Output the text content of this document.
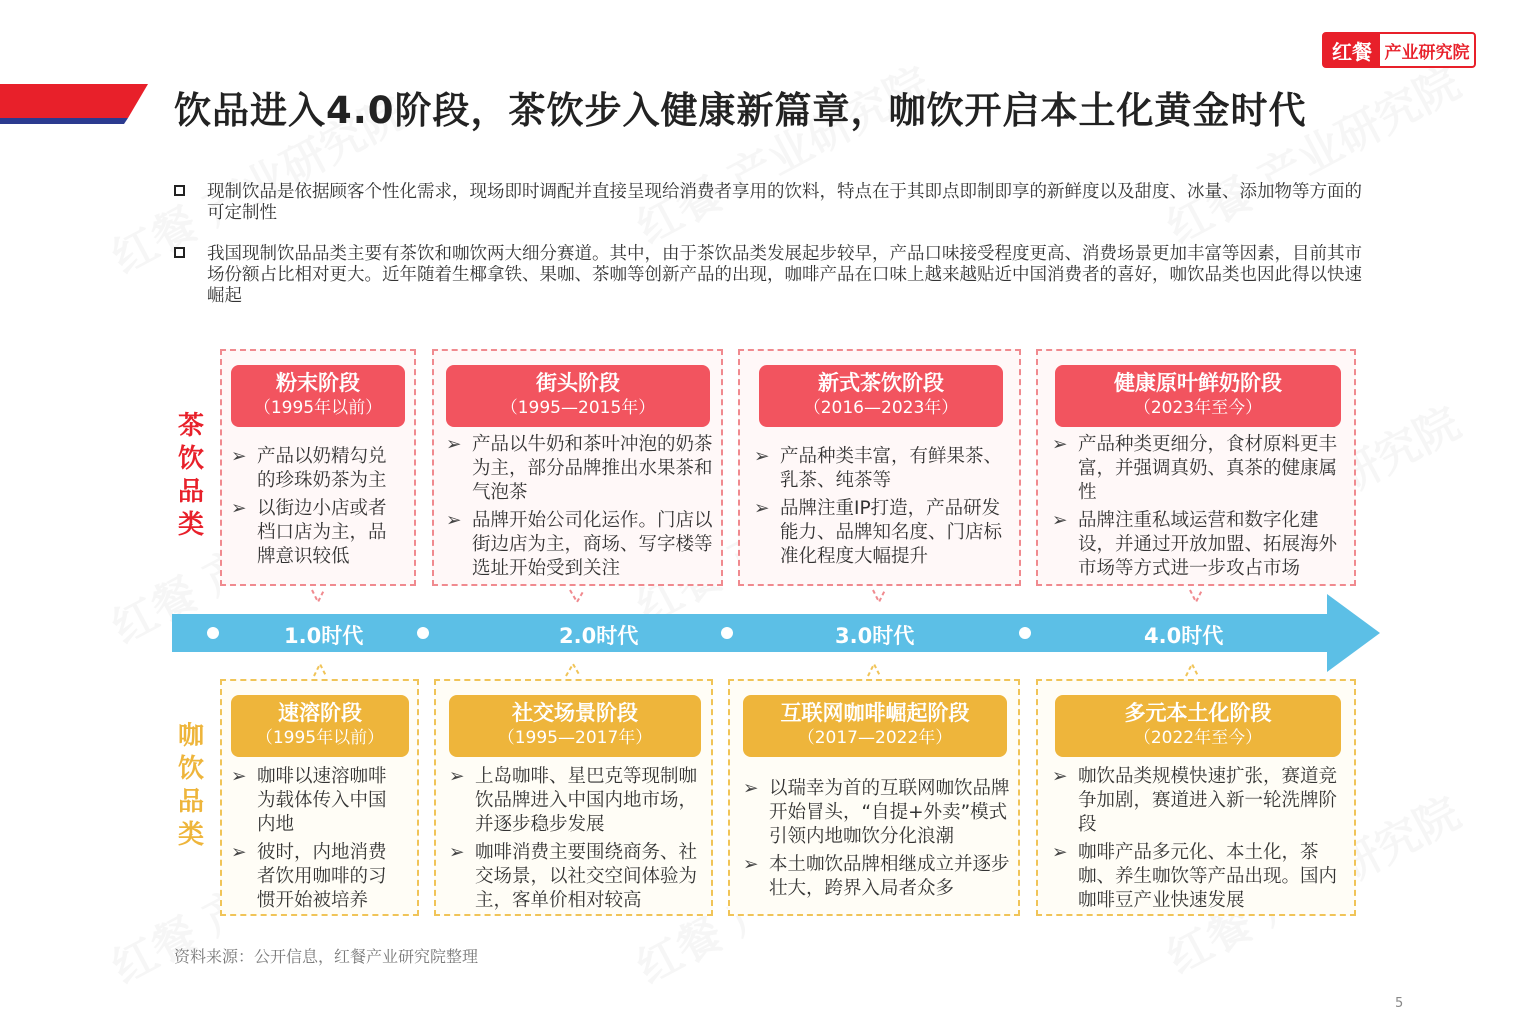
红餐 产业研究院
饮品进入4.0阶段，茶饮步入健康新篇章，咖饮开启本土化黄金时代
现制饮品是依据顾客个性化需求，现场即时调配并直接呈现给消费者享用的饮料，特点在于其即点即制即享的新鲜度以及甜度、冰量、添加物等方面的可定制性
我国现制饮品品类主要有茶饮和咖饮两大细分赛道。其中，由于茶饮品类发展起步较早，产品口味接受程度更高、消费场景更加丰富等因素，目前其市场份额占比相对更大。近年随着生椰拿铁、果咖、茶咖等创新产品的出现，咖啡产品在口味上越来越贴近中国消费者的喜好，咖饮品类也因此得以快速崛起
茶
饮
品
类
咖
饮
品
类
粉末阶段
（1995年以前）
➢ 产品以奶精勾兑的珍珠奶茶为主
➢ 以街边小店或者档口店为主，品牌意识较低
街头阶段
（1995—2015年）
➢ 产品以牛奶和茶叶冲泡的奶茶为主，部分品牌推出水果茶和气泡茶
➢ 品牌开始公司化运作。门店以街边店为主，商场、写字楼等选址开始受到关注
新式茶饮阶段
（2016—2023年）
➢ 产品种类丰富，有鲜果茶、乳茶、纯茶等
➢ 品牌注重IP打造，产品研发能力、品牌知名度、门店标准化程度大幅提升
健康原叶鲜奶阶段
（2023年至今）
➢ 产品种类更细分，食材原料更丰富，并强调真奶、真茶的健康属性
➢ 品牌注重私域运营和数字化建设，并通过开放加盟、拓展海外市场等方式进一步攻占市场
1.0时代	2.0时代	3.0时代	4.0时代
速溶阶段
（1995年以前）
➢ 咖啡以速溶咖啡为载体传入中国内地
➢ 彼时，内地消费者饮用咖啡的习惯开始被培养
社交场景阶段
（1995—2017年）
➢ 上岛咖啡、星巴克等现制咖饮品牌进入中国内地市场，并逐步稳步发展
➢ 咖啡消费主要围绕商务、社交场景，以社交空间体验为主，客单价相对较高
互联网咖啡崛起阶段
（2017—2022年）
➢ 以瑞幸为首的互联网咖饮品牌开始冒头，“自提+外卖”模式引领内地咖饮分化浪潮
➢ 本土咖饮品牌相继成立并逐步壮大，跨界入局者众多
多元本土化阶段
（2022年至今）
➢ 咖饮品类规模快速扩张，赛道竞争加剧，赛道进入新一轮洗牌阶段
➢ 咖啡产品多元化、本土化，茶咖、养生咖饮等产品出现。国内咖啡豆产业快速发展
资料来源：公开信息，红餐产业研究院整理
5
